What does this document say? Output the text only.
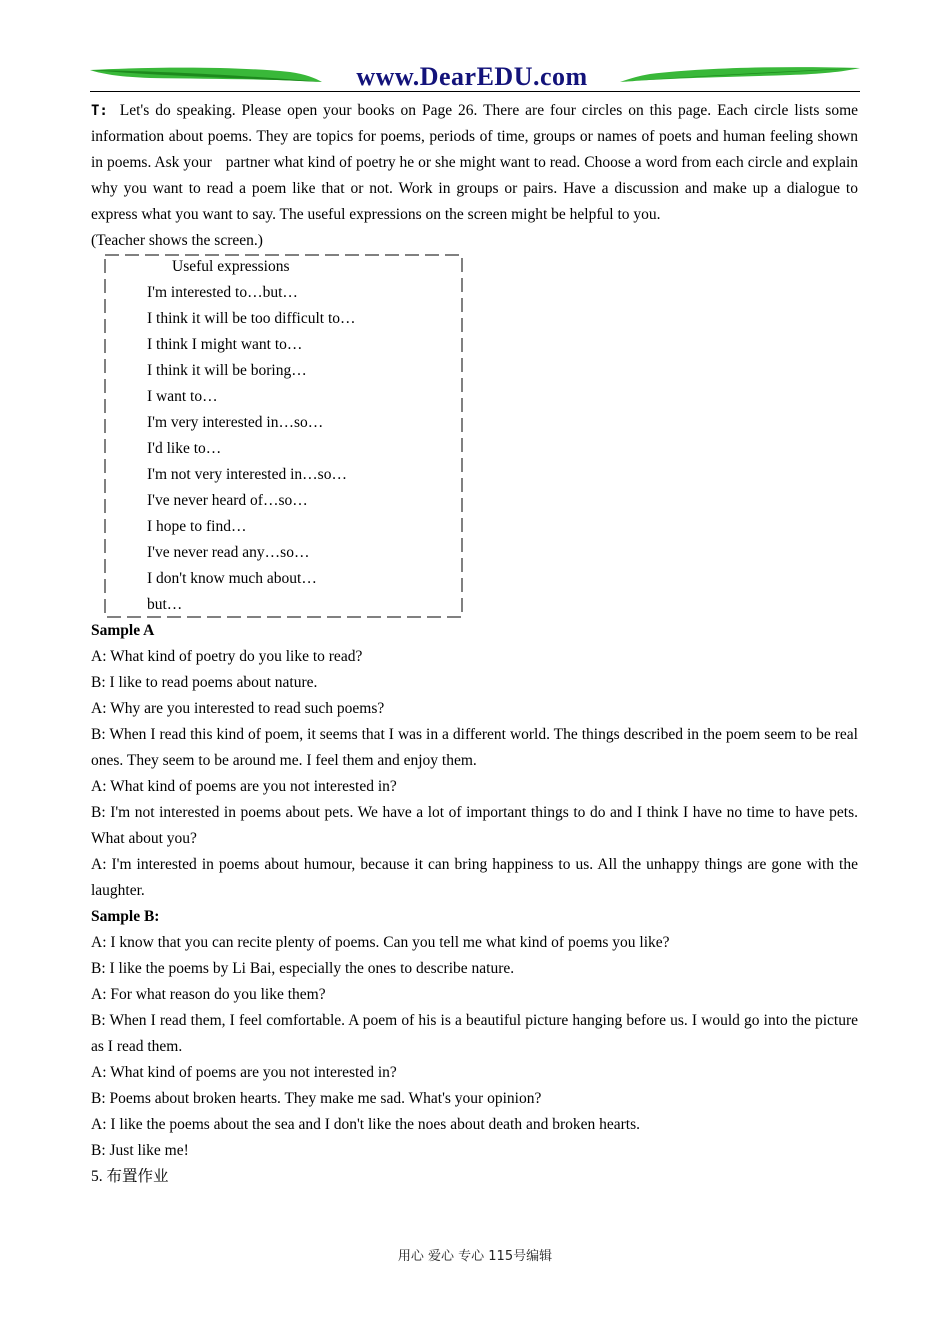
www.DearEDU.com

T: Let's do speaking. Please open your books on Page 26. There are four circles on this page. Each circle lists some information about poems. They are topics for poems, periods of time, groups or names of poets and human feeling shown in poems. Ask your partner what kind of poetry he or she might want to read. Choose a word from each circle and explain why you want to read a poem like that or not. Work in groups or pairs. Have a discussion and make up a dialogue to express what you want to say. The useful expressions on the screen might be helpful to you.

(Teacher shows the screen.)

Useful expressions
I'm interested to…but…
I think it will be too difficult to…
I think I might want to…
I think it will be boring…
I want to…
I'm very interested in…so…
I'd like to…
I'm not very interested in…so…
I've never heard of…so…
I hope to find…
I've never read any…so…
I don't know much about…
but…

Sample A

A: What kind of poetry do you like to read?

B: I like to read poems about nature.

A: Why are you interested to read such poems?

B: When I read this kind of poem, it seems that I was in a different world. The things described in the poem seem to be real ones. They seem to be around me. I feel them and enjoy them.

A: What kind of poems are you not interested in?

B: I'm not interested in poems about pets. We have a lot of important things to do and I think I have no time to have pets. What about you?

A: I'm interested in poems about humour, because it can bring happiness to us. All the unhappy things are gone with the laughter.

Sample B:

A: I know that you can recite plenty of poems. Can you tell me what kind of poems you like?

B: I like the poems by Li Bai, especially the ones to describe nature.

A: For what reason do you like them?

B: When I read them, I feel comfortable. A poem of his is a beautiful picture hanging before us. I would go into the picture as I read them.

A: What kind of poems are you not interested in?

B: Poems about broken hearts. They make me sad. What's your opinion?

A: I like the poems about the sea and I don't like the noes about death and broken hearts.

B: Just like me!

5. 布置作业

用心 爱心 专心 115号编辑
